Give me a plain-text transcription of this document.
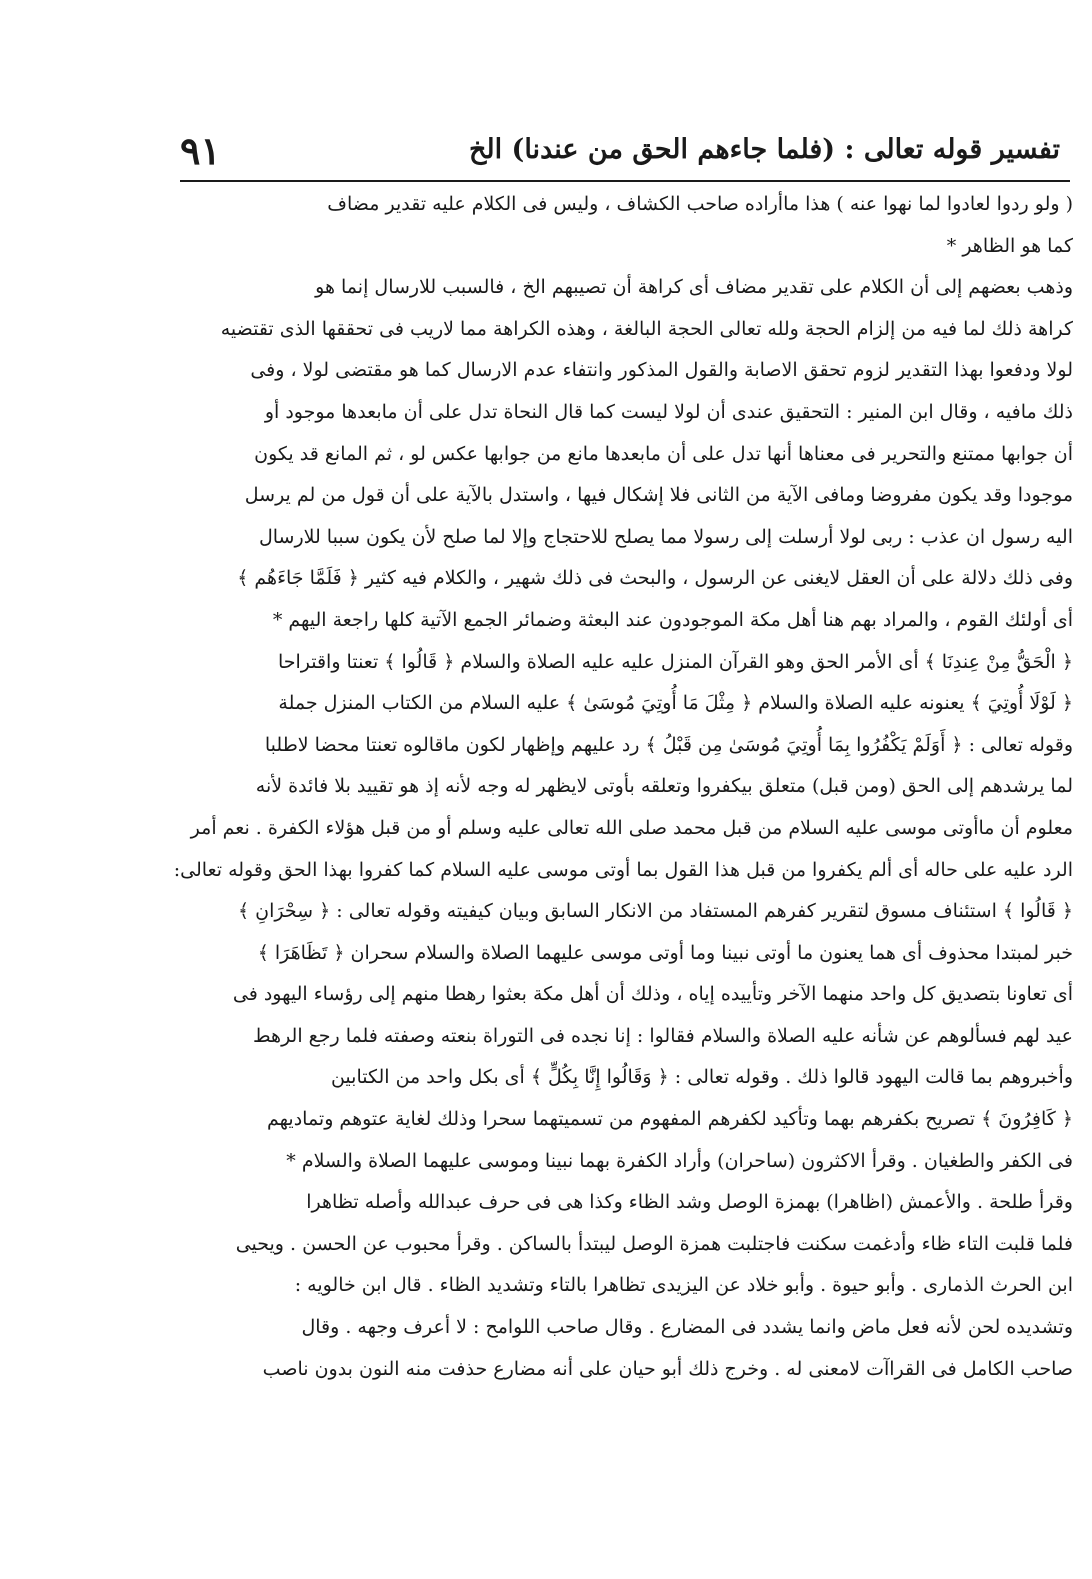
تفسير قوله تعالى : (فلما جاءهم الحق من عندنا) الخ
٩١
( ولو ردوا لعادوا لما نهوا عنه ) هذا ماأراده صاحب الكشاف ، وليس فى الكلام عليه تقدير مضاف
كما هو الظاهر *
وذهب بعضهم إلى أن الكلام على تقدير مضاف أى كراهة أن تصيبهم الخ ، فالسبب للارسال إنما هو
كراهة ذلك لما فيه من إلزام الحجة ولله تعالى الحجة البالغة ، وهذه الكراهة مما لاريب فى تحققها الذى تقتضيه
لولا ودفعوا بهذا التقدير لزوم تحقق الاصابة والقول المذكور وانتفاء عدم الارسال كما هو مقتضى لولا ، وفى
ذلك مافيه ، وقال ابن المنير : التحقيق عندى أن لولا ليست كما قال النحاة تدل على أن مابعدها موجود أو
أن جوابها ممتنع والتحرير فى معناها أنها تدل على أن مابعدها مانع من جوابها عكس لو ، ثم المانع قد يكون
موجودا وقد يكون مفروضا ومافى الآية من الثانى فلا إشكال فيها ، واستدل بالآية على أن قول من لم يرسل
اليه رسول ان عذب : ربى لولا أرسلت إلى رسولا مما يصلح للاحتجاج وإلا لما صلح لأن يكون سببا للارسال
وفى ذلك دلالة على أن العقل لايغنى عن الرسول ، والبحث فى ذلك شهير ، والكلام فيه كثير ﴿ فَلَمَّا جَاءَهُم ﴾
أى أولئك القوم ، والمراد بهم هنا أهل مكة الموجودون عند البعثة وضمائر الجمع الآتية كلها راجعة اليهم *
﴿ الْحَقُّ مِنْ عِندِنَا ﴾ أى الأمر الحق وهو القرآن المنزل عليه عليه الصلاة والسلام ﴿ قَالُوا ﴾ تعنتا واقتراحا
﴿ لَوْلَا أُوتِيَ ﴾ يعنونه عليه الصلاة والسلام ﴿ مِثْلَ مَا أُوتِيَ مُوسَىٰ ﴾ عليه السلام من الكتاب المنزل جملة
وقوله تعالى : ﴿ أَوَلَمْ يَكْفُرُوا بِمَا أُوتِيَ مُوسَىٰ مِن قَبْلُ ﴾ رد عليهم وإظهار لكون ماقالوه تعنتا محضا لاطلبا
لما يرشدهم إلى الحق (ومن قبل) متعلق بيكفروا وتعلقه بأوتى لايظهر له وجه لأنه إذ هو تقييد بلا فائدة لأنه
معلوم أن ماأوتى موسى عليه السلام من قبل محمد صلى الله تعالى عليه وسلم أو من قبل هؤلاء الكفرة . نعم أمر
الرد عليه على حاله أى ألم يكفروا من قبل هذا القول بما أوتى موسى عليه السلام كما كفروا بهذا الحق وقوله تعالى:
﴿ قَالُوا ﴾ استئناف مسوق لتقرير كفرهم المستفاد من الانكار السابق وبيان كيفيته وقوله تعالى : ﴿ سِحْرَانِ ﴾
خبر لمبتدا محذوف أى هما يعنون ما أوتى نبينا وما أوتى موسى عليهما الصلاة والسلام سحران ﴿ تَظَاهَرَا ﴾
أى تعاونا بتصديق كل واحد منهما الآخر وتأييده إياه ، وذلك أن أهل مكة بعثوا رهطا منهم إلى رؤساء اليهود فى
عيد لهم فسألوهم عن شأنه عليه الصلاة والسلام فقالوا : إنا نجده فى التوراة بنعته وصفته فلما رجع الرهط
وأخبروهم بما قالت اليهود قالوا ذلك . وقوله تعالى : ﴿ وَقَالُوا إِنَّا بِكُلٍّ ﴾ أى بكل واحد من الكتابين
﴿ كَافِرُونَ ﴾ تصريح بكفرهم بهما وتأكيد لكفرهم المفهوم من تسميتهما سحرا وذلك لغاية عتوهم وتماديهم
فى الكفر والطغيان . وقرأ الاكثرون (ساحران) وأراد الكفرة بهما نبينا وموسى عليهما الصلاة والسلام *
وقرأ طلحة . والأعمش (اظاهرا) بهمزة الوصل وشد الظاء وكذا هى فى حرف عبدالله وأصله تظاهرا
فلما قلبت التاء ظاء وأدغمت سكنت فاجتلبت همزة الوصل ليبتدأ بالساكن . وقرأ محبوب عن الحسن . ويحيى
ابن الحرث الذمارى . وأبو حيوة . وأبو خلاد عن اليزيدى تظاهرا بالتاء وتشديد الظاء . قال ابن خالويه :
وتشديده لحن لأنه فعل ماض وانما يشدد فى المضارع . وقال صاحب اللوامح : لا أعرف وجهه . وقال
صاحب الكامل فى القراآت لامعنى له . وخرج ذلك أبو حيان على أنه مضارع حذفت منه النون بدون ناصب
